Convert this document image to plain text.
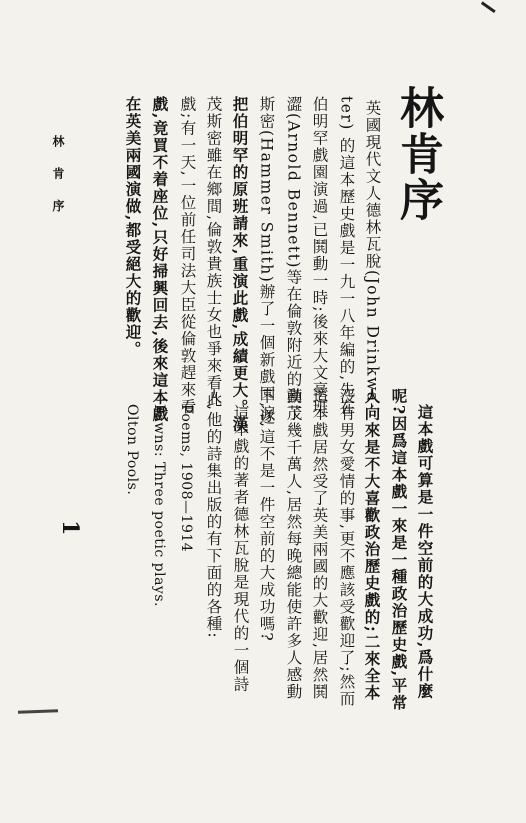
林肯序
英國現代文人德林瓦脫(John Drinkwa-
ter) 的這本歷史戲是一九一八年編的,先在
伯明罕戲園演過,已鬨動一時;後來大文豪班
澀(Arnold Bennett)等在倫敦附近的漢茂
斯密(Hammer Smith)辦了一個新戲園,遂
把伯明罕的原班請來,重演此戲,成績更大。漢
茂斯密雖在鄉間,倫敦貴族士女也爭來看此
戲;有一天,一位前任司法大臣從倫敦趕來看
戲,竟買不着座位,只好掃興回去,後來這本戲
在英美兩國演做,都受絕大的歡迎。
這本戲可算是一件空前的大成功,爲什麼
呢?因爲這本戲一來是一種政治歷史戲,平常
人向來是不大喜歡政治歷史戲的;二來全本
沒有男女愛情的事,更不應該受歡迎了;然而
這本戲居然受了英美兩國的大歡迎,居然鬨
動了幾千萬人,居然每晚總能使許多人感動
下淚,這不是一件空前的大成功嗎?
這本戲的著者德林瓦脫是現代的一個詩
人,他的詩集出版的有下面的各種:
Poems, 1908—1914
Pawns: Three poetic plays.
Olton Pools.
林 肯 序
1
